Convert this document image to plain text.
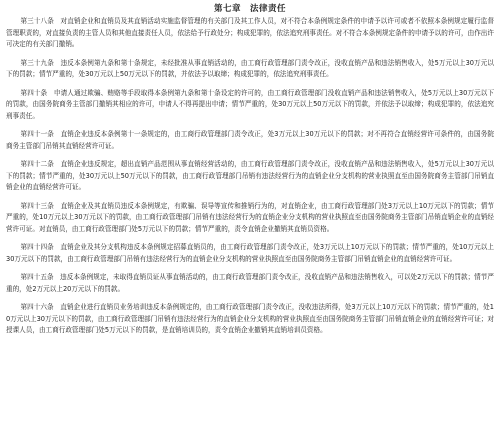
第七章　法律责任

第三十八条　对直销企业和直销员及其直销活动实施监督管理的有关部门及其工作人员，对不符合本条例规定条件的申请予以许可或者不依照本条例规定履行监督管理职责的，对直接负责的主管人员和其他直接责任人员，依法给予行政处分；构成犯罪的，依法追究刑事责任。对不符合本条例规定条件的申请予以的许可，由作出许可决定的有关部门撤销。

第三十九条　违反本条例第九条和第十条规定，未经批准从事直销活动的，由工商行政管理部门责令改正，没收直销产品和违法销售收入，处5万元以上30万元以下的罚款；情节严重的，处30万元以上50万元以下的罚款，并依法予以取缔；构成犯罪的，依法追究刑事责任。

第四十条　申请人通过欺骗、贿赂等手段取得本条例第九条和第十条设定的许可的，由工商行政管理部门没收直销产品和违法销售收入，处5万元以上30万元以下的罚款，由国务院商务主管部门撤销其相应的许可，申请人不得再提出申请；情节严重的，处30万元以上50万元以下的罚款，并依法予以取缔；构成犯罪的，依法追究刑事责任。

第四十一条　直销企业违反本条例第十一条规定的，由工商行政管理部门责令改正，处3万元以上30万元以下的罚款；对不再符合直销经营许可条件的，由国务院商务主管部门吊销其直销经营许可证。

第四十二条　直销企业违反规定，超出直销产品范围从事直销经营活动的，由工商行政管理部门责令改正，没收直销产品和违法销售收入，处5万元以上30万元以下的罚款；情节严重的，处30万元以上50万元以下的罚款，由工商行政管理部门吊销有违法经营行为的直销企业分支机构的营业执照直至由国务院商务主管部门吊销直销企业的直销经营许可证。

第四十三条　直销企业及其直销员违反本条例规定，有欺骗、误导等宣传和推销行为的，对直销企业，由工商行政管理部门处3万元以上10万元以下的罚款；情节严重的，处10万元以上30万元以下的罚款，由工商行政管理部门吊销有违法经营行为的直销企业分支机构的营业执照直至由国务院商务主管部门吊销直销企业的直销经营许可证。对直销员，由工商行政管理部门处5万元以下的罚款；情节严重的，责令直销企业撤销其直销员资格。

第四十四条　直销企业及其分支机构违反本条例规定招募直销员的，由工商行政管理部门责令改正，处3万元以上10万元以下的罚款；情节严重的，处10万元以上30万元以下的罚款，由工商行政管理部门吊销有违法经营行为的直销企业分支机构的营业执照直至由国务院商务主管部门吊销直销企业的直销经营许可证。

第四十五条　违反本条例规定，未取得直销员证从事直销活动的，由工商行政管理部门责令改正，没收直销产品和违法销售收入，可以处2万元以下的罚款；情节严重的，处2万元以上20万元以下的罚款。

第四十六条　直销企业进行直销员业务培训违反本条例规定的，由工商行政管理部门责令改正，没收违法所得，处3万元以上10万元以下的罚款；情节严重的，处10万元以上30万元以下的罚款，由工商行政管理部门吊销有违法经营行为的直销企业分支机构的营业执照直至由国务院商务主管部门吊销直销企业的直销经营许可证；对授课人员，由工商行政管理部门处5万元以下的罚款，是直销培训员的，责令直销企业撤销其直销培训员资格。
